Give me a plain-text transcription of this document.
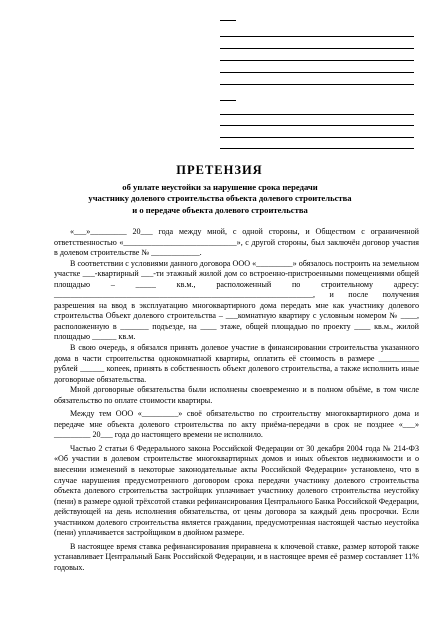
ПРЕТЕНЗИЯ
об уплате неустойки за нарушение срока передачи
участнику долевого строительства объекта долевого строительства
и о передаче объекта долевого строительства

«___»_________ 20___ года между мной, с одной стороны, и Обществом с ограниченной ответственностью «____________________________», с другой стороны, был заключён договор участия в долевом строительстве № ____________.

В соответствии с условиями данного договора ООО «_________» обязалось построить на земельном участке ___-квартирный ___-ти этажный жилой дом со встроенно-пристроенными помещениями общей площадью – _____ кв.м., расположенный по строительному адресу: ________________________________________________________________, и после получения разрешения на ввод в эксплуатацию многоквартирного дома передать мне как участнику долевого строительства Объект долевого строительства – ___комнатную квартиру с условным номером № ____, расположенную в _______ подъезде, на ____ этаже, общей площадью по проекту ____ кв.м., жилой площадью ______ кв.м.

В свою очередь, я обязался принять долевое участие в финансировании строительства указанного дома в части строительства однокомнатной квартиры, оплатить её стоимость в размере __________ рублей ______ копеек, принять в собственность объект долевого строительства, а также исполнить иные договорные обязательства.

Мной договорные обязательства были исполнены своевременно и в полном объёме, в том числе обязательство по оплате стоимости квартиры.

Между тем ООО «_________» своё обязательство по строительству многоквартирного дома и передаче мне объекта долевого строительства по акту приёма-передачи в срок не позднее «___» _________ 20___ года до настоящего времени не исполнило.

Частью 2 статьи 6 Федерального закона Российской Федерации от 30 декабря 2004 года № 214-ФЗ «Об участии в долевом строительстве многоквартирных домов и иных объектов недвижимости и о внесении изменений в некоторые законодательные акты Российской Федерации» установлено, что в случае нарушения предусмотренного договором срока передачи участнику долевого строительства объекта долевого строительства застройщик уплачивает участнику долевого строительства неустойку (пени) в размере одной трёхсотой ставки рефинансирования Центрального Банка Российской Федерации, действующей на день исполнения обязательства, от цены договора за каждый день просрочки. Если участником долевого строительства является гражданин, предусмотренная настоящей частью неустойка (пени) уплачивается застройщиком в двойном размере.

В настоящее время ставка рефинансирования приравнена к ключевой ставке, размер которой также устанавливает Центральный Банк Российской Федерации, и в настоящее время её размер составляет 11% годовых.
